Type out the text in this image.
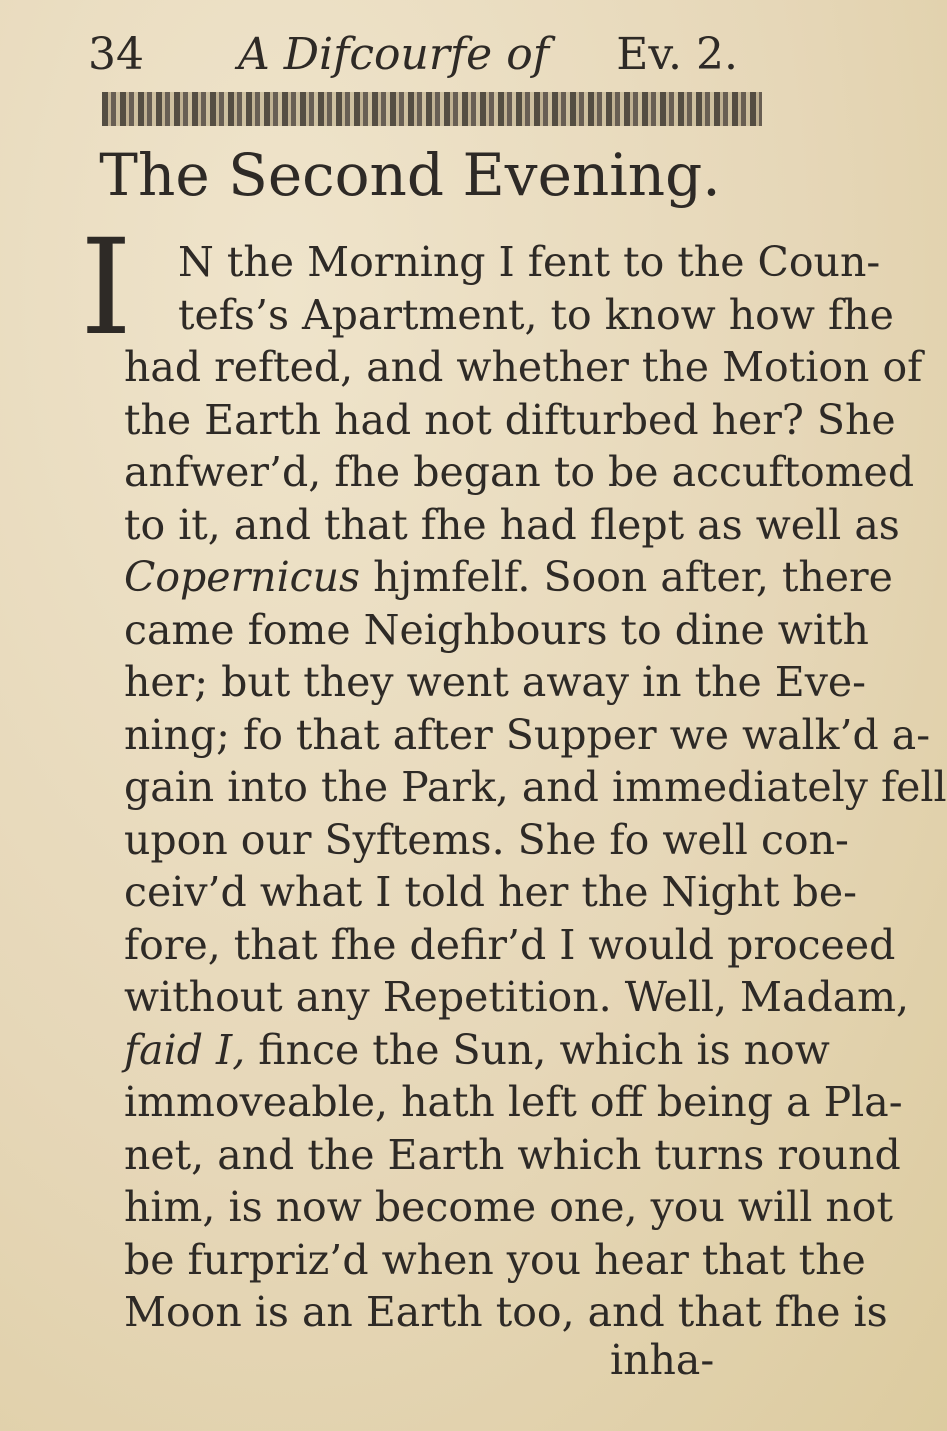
34 A Difcourfe of Ev. 2.
The Second Evening.
I N the Morning I fent to the Coun-
tefs’s Apartment, to know how fhe
had refted, and whether the Motion of
the Earth had not difturbed her? She
anfwer’d, fhe began to be accuftomed
to it, and that fhe had flept as well as
Copernicus hjmfelf. Soon after, there
came fome Neighbours to dine with
her; but they went away in the Eve-
ning; fo that after Supper we walk’d a-
gain into the Park, and immediately fell
upon our Syftems. She fo well con-
ceiv’d what I told her the Night be-
fore, that fhe defir’d I would proceed
without any Repetition. Well, Madam,
faid I, fince the Sun, which is now
immoveable, hath left off being a Pla-
net, and the Earth which turns round
him, is now become one, you will not
be furpriz’d when you hear that the
Moon is an Earth too, and that fhe is
inha-
